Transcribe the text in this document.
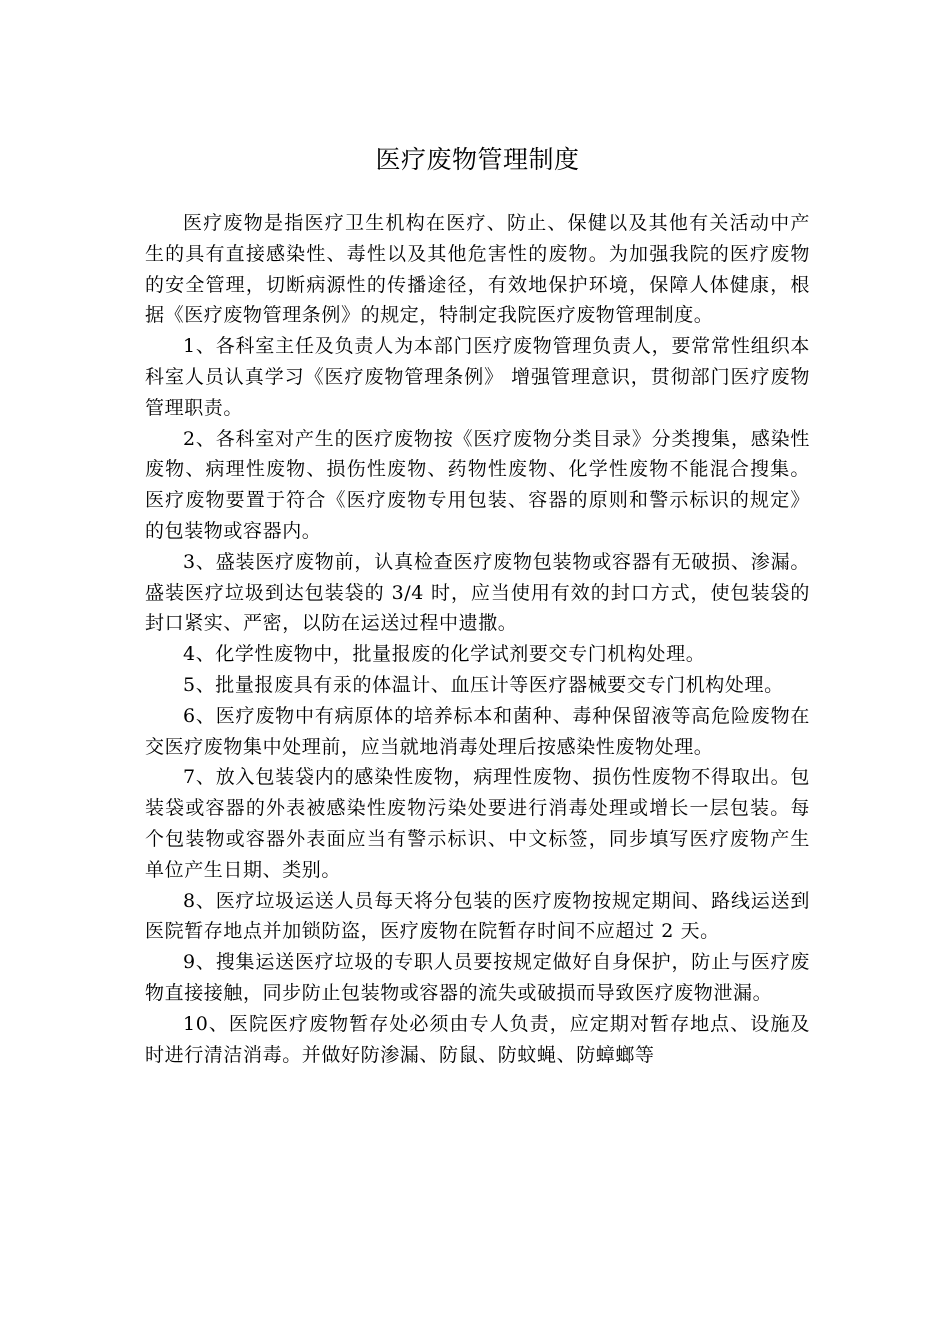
医疗废物管理制度

医疗废物是指医疗卫生机构在医疗、防止、保健以及其他有关活动中产生的具有直接感染性、毒性以及其他危害性的废物。为加强我院的医疗废物的安全管理，切断病源性的传播途径，有效地保护环境，保障人体健康，根据《医疗废物管理条例》的规定，特制定我院医疗废物管理制度。

1、各科室主任及负责人为本部门医疗废物管理负责人，要常常性组织本科室人员认真学习《医疗废物管理条例》 增强管理意识，贯彻部门医疗废物管理职责。

2、各科室对产生的医疗废物按《医疗废物分类目录》分类搜集，感染性废物、病理性废物、损伤性废物、药物性废物、化学性废物不能混合搜集。医疗废物要置于符合《医疗废物专用包装、容器的原则和警示标识的规定》的包装物或容器内。

3、盛装医疗废物前，认真检查医疗废物包装物或容器有无破损、渗漏。盛装医疗垃圾到达包装袋的 3/4 时，应当使用有效的封口方式，使包装袋的封口紧实、严密，以防在运送过程中遗撒。

4、化学性废物中，批量报废的化学试剂要交专门机构处理。

5、批量报废具有汞的体温计、血压计等医疗器械要交专门机构处理。

6、医疗废物中有病原体的培养标本和菌种、毒种保留液等高危险废物在交医疗废物集中处理前，应当就地消毒处理后按感染性废物处理。

7、放入包装袋内的感染性废物，病理性废物、损伤性废物不得取出。包装袋或容器的外表被感染性废物污染处要进行消毒处理或增长一层包装。每个包装物或容器外表面应当有警示标识、中文标签，同步填写医疗废物产生单位产生日期、类别。

8、医疗垃圾运送人员每天将分包装的医疗废物按规定期间、路线运送到医院暂存地点并加锁防盗，医疗废物在院暂存时间不应超过 2 天。

9、搜集运送医疗垃圾的专职人员要按规定做好自身保护，防止与医疗废物直接接触，同步防止包装物或容器的流失或破损而导致医疗废物泄漏。

10、医院医疗废物暂存处必须由专人负责，应定期对暂存地点、设施及时进行清洁消毒。并做好防渗漏、防鼠、防蚊蝇、防蟑螂等
